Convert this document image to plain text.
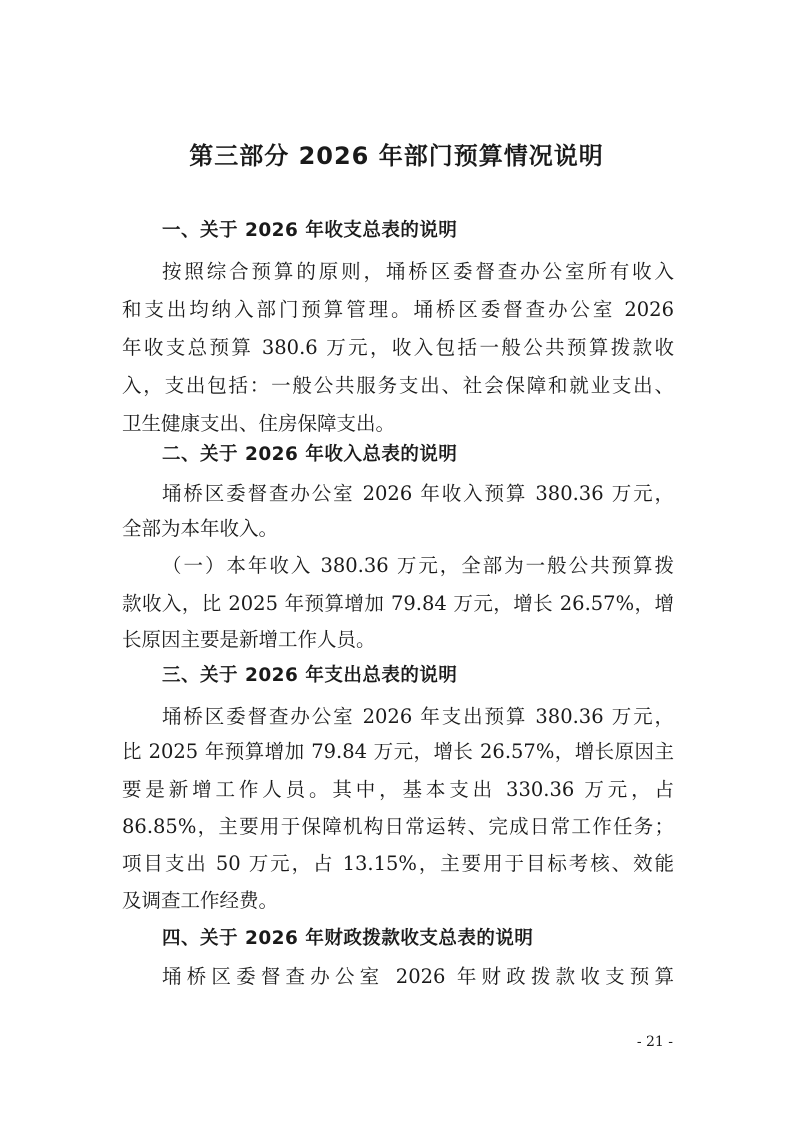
第三部分 2026 年部门预算情况说明
一、关于 2026 年收支总表的说明
按照综合预算的原则，埇桥区委督查办公室所有收入
和支出均纳入部门预算管理。埇桥区委督查办公室 2026
年收支总预算 380.6 万元，收入包括一般公共预算拨款收
入，支出包括：一般公共服务支出、社会保障和就业支出、
卫生健康支出、住房保障支出。
二、关于 2026 年收入总表的说明
埇桥区委督查办公室 2026 年收入预算 380.36 万元，
全部为本年收入。
（一）本年收入 380.36 万元，全部为一般公共预算拨
款收入，比 2025 年预算增加 79.84 万元，增长 26.57%，增
长原因主要是新增工作人员。
三、关于 2026 年支出总表的说明
埇桥区委督查办公室 2026 年支出预算 380.36 万元，
比 2025 年预算增加 79.84 万元，增长 26.57%，增长原因主
要是新增工作人员。其中，基本支出 330.36 万元，占
86.85%，主要用于保障机构日常运转、完成日常工作任务；
项目支出 50 万元，占 13.15%，主要用于目标考核、效能
及调查工作经费。
四、关于 2026 年财政拨款收支总表的说明
埇桥区委督查办公室 2026 年财政拨款收支预算
- 21 -
